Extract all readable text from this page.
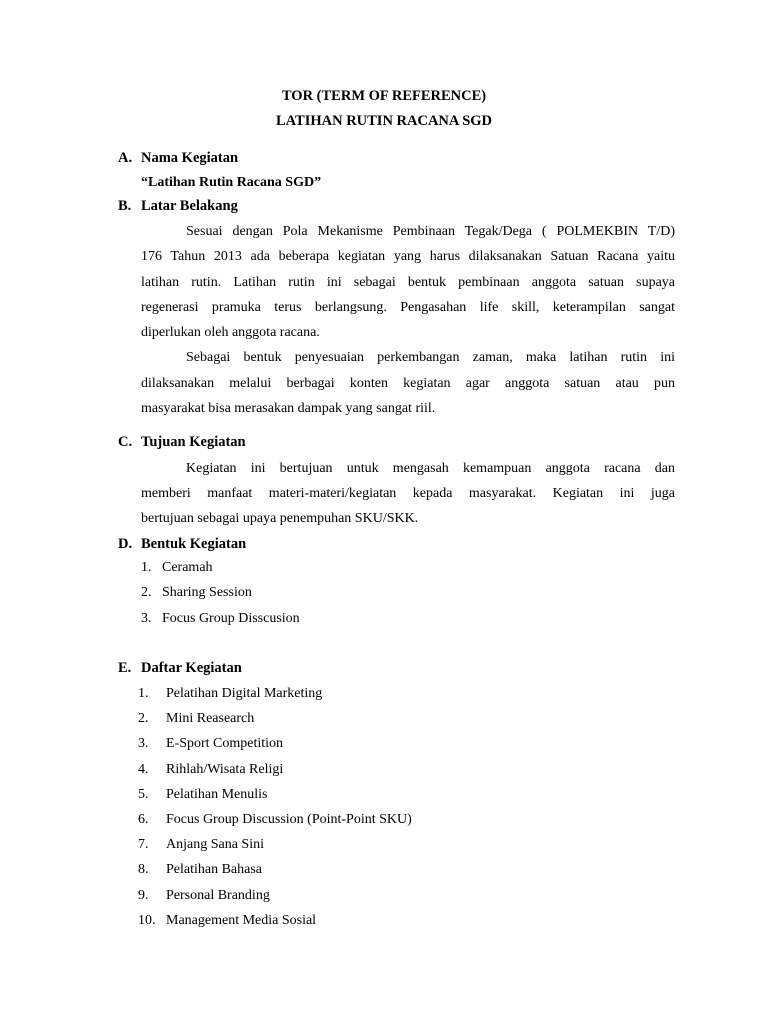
TOR (TERM OF REFERENCE)
LATIHAN RUTIN RACANA SGD
A. Nama Kegiatan
“Latihan Rutin Racana SGD”
B. Latar Belakang
Sesuai dengan Pola Mekanisme Pembinaan Tegak/Dega ( POLMEKBIN T/D)
176 Tahun 2013 ada beberapa kegiatan yang harus dilaksanakan Satuan Racana yaitu
latihan rutin. Latihan rutin ini sebagai bentuk pembinaan anggota satuan supaya
regenerasi pramuka terus berlangsung. Pengasahan life skill, keterampilan sangat
diperlukan oleh anggota racana.
Sebagai bentuk penyesuaian perkembangan zaman, maka latihan rutin ini
dilaksanakan melalui berbagai konten kegiatan agar anggota satuan atau pun
masyarakat bisa merasakan dampak yang sangat riil.
C. Tujuan Kegiatan
Kegiatan ini bertujuan untuk mengasah kemampuan anggota racana dan
memberi manfaat materi-materi/kegiatan kepada masyarakat. Kegiatan ini juga
bertujuan sebagai upaya penempuhan SKU/SKK.
D. Bentuk Kegiatan
1. Ceramah
2. Sharing Session
3. Focus Group Disscusion
E. Daftar Kegiatan
1. Pelatihan Digital Marketing
2. Mini Reasearch
3. E-Sport Competition
4. Rihlah/Wisata Religi
5. Pelatihan Menulis
6. Focus Group Discussion (Point-Point SKU)
7. Anjang Sana Sini
8. Pelatihan Bahasa
9. Personal Branding
10. Management Media Sosial
